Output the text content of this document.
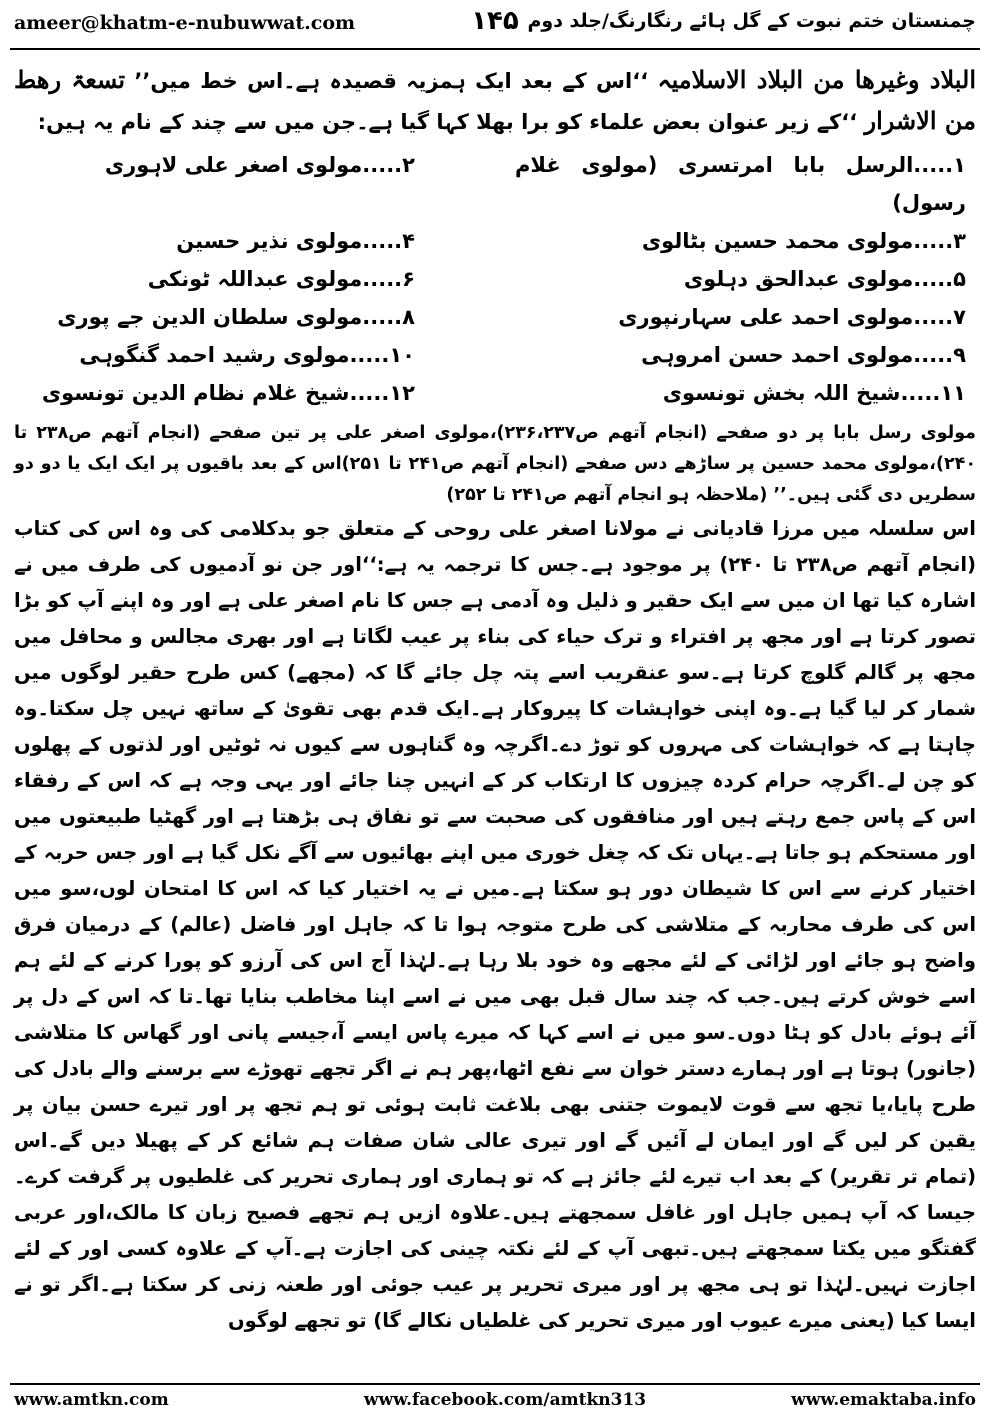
ameer@khatm-e-nubuwwat.com	۱۴۵ چمنستان ختم نبوت کے گل ہائے رنگارنگ/جلد دوم

البلاد وغیرھا من البلاد الاسلامیہ ‘‘اس کے بعد ایک ہمزیہ قصیدہ ہے۔اس خط میں’’ تسعۃ رھط من الاشرار ‘‘کے زیر عنوان بعض علماء کو برا بھلا کہا گیا ہے۔جن میں سے چند کے نام یہ ہیں:

۱.....الرسل بابا امرتسری (مولوی غلام رسول)
۲.....مولوی اصغر علی لاہوری
۳.....مولوی محمد حسین بٹالوی
۴.....مولوی نذیر حسین
۵.....مولوی عبدالحق دہلوی
۶.....مولوی عبداللہ ٹونکی
۷.....مولوی احمد علی سہارنپوری
۸.....مولوی سلطان الدین جے پوری
۹.....مولوی احمد حسن امروہی
۱۰.....مولوی رشید احمد گنگوہی
۱۱.....شیخ اللہ بخش تونسوی
۱۲.....شیخ غلام نظام الدین تونسوی

مولوی رسل بابا پر دو صفحے (انجام آتھم ص۲۳۶،۲۳۷)،مولوی اصغر علی پر تین صفحے (انجام آتھم ص۲۳۸ تا ۲۴۰)،مولوی محمد حسین پر ساڑھے دس صفحے (انجام آتھم ص۲۴۱ تا ۲۵۱)اس کے بعد باقیوں پر ایک ایک یا دو دو سطریں دی گئی ہیں۔’’ (ملاحظہ ہو انجام آتھم ص۲۴۱ تا ۲۵۲)

اس سلسلہ میں مرزا قادیانی نے مولانا اصغر علی روحی کے متعلق جو بدکلامی کی وہ اس کی کتاب (انجام آتھم ص۲۳۸ تا ۲۴۰) پر موجود ہے۔جس کا ترجمہ یہ ہے:‘‘اور جن نو آدمیوں کی طرف میں نے اشارہ کیا تھا ان میں سے ایک حقیر و ذلیل وہ آدمی ہے جس کا نام اصغر علی ہے اور وہ اپنے آپ کو بڑا تصور کرتا ہے اور مجھ پر افتراء و ترک حیاء کی بناء پر عیب لگاتا ہے اور بھری مجالس و محافل میں مجھ پر گالم گلوچ کرتا ہے۔سو عنقریب اسے پتہ چل جائے گا کہ (مجھے) کس طرح حقیر لوگوں میں شمار کر لیا گیا ہے۔وہ اپنی خواہشات کا پیروکار ہے۔ایک قدم بھی تقویٰ کے ساتھ نہیں چل سکتا۔وہ چاہتا ہے کہ خواہشات کی مہروں کو توڑ دے۔اگرچہ وہ گناہوں سے کیوں نہ ٹوٹیں اور لذتوں کے پھلوں کو چن لے۔اگرچہ حرام کردہ چیزوں کا ارتکاب کر کے انہیں چنا جائے اور یہی وجہ ہے کہ اس کے رفقاء اس کے پاس جمع رہتے ہیں اور منافقوں کی صحبت سے تو نفاق ہی بڑھتا ہے اور گھٹیا طبیعتوں میں اور مستحکم ہو جاتا ہے۔یہاں تک کہ چغل خوری میں اپنے بھائیوں سے آگے نکل گیا ہے اور جس حربہ کے اختیار کرنے سے اس کا شیطان دور ہو سکتا ہے۔میں نے یہ اختیار کیا کہ اس کا امتحان لوں،سو میں اس کی طرف محاربہ کے متلاشی کی طرح متوجہ ہوا تا کہ جاہل اور فاضل (عالم) کے درمیان فرق واضح ہو جائے اور لڑائی کے لئے مجھے وہ خود بلا رہا ہے۔لہٰذا آج اس کی آرزو کو پورا کرنے کے لئے ہم اسے خوش کرتے ہیں۔جب کہ چند سال قبل بھی میں نے اسے اپنا مخاطب بنایا تھا۔تا کہ اس کے دل پر آئے ہوئے بادل کو ہٹا دوں۔سو میں نے اسے کہا کہ میرے پاس ایسے آ،جیسے پانی اور گھاس کا متلاشی (جانور) ہوتا ہے اور ہمارے دستر خوان سے نفع اٹھا،پھر ہم نے اگر تجھے تھوڑے سے برسنے والے بادل کی طرح پایا،یا تجھ سے قوت لایموت جتنی بھی بلاغت ثابت ہوئی تو ہم تجھ پر اور تیرے حسن بیان پر یقین کر لیں گے اور ایمان لے آئیں گے اور تیری عالی شان صفات ہم شائع کر کے پھیلا دیں گے۔اس (تمام تر تقریر) کے بعد اب تیرے لئے جائز ہے کہ تو ہماری اور ہماری تحریر کی غلطیوں پر گرفت کرے۔جیسا کہ آپ ہمیں جاہل اور غافل سمجھتے ہیں۔علاوہ ازیں ہم تجھے فصیح زبان کا مالک،اور عربی گفتگو میں یکتا سمجھتے ہیں۔تبھی آپ کے لئے نکتہ چینی کی اجازت ہے۔آپ کے علاوہ کسی اور کے لئے اجازت نہیں۔لہٰذا تو ہی مجھ پر اور میری تحریر پر عیب جوئی اور طعنہ زنی کر سکتا ہے۔اگر تو نے ایسا کیا (یعنی میرے عیوب اور میری تحریر کی غلطیاں نکالے گا) تو تجھے لوگوں

www.amtkn.com	www.facebook.com/amtkn313	www.emaktaba.info
